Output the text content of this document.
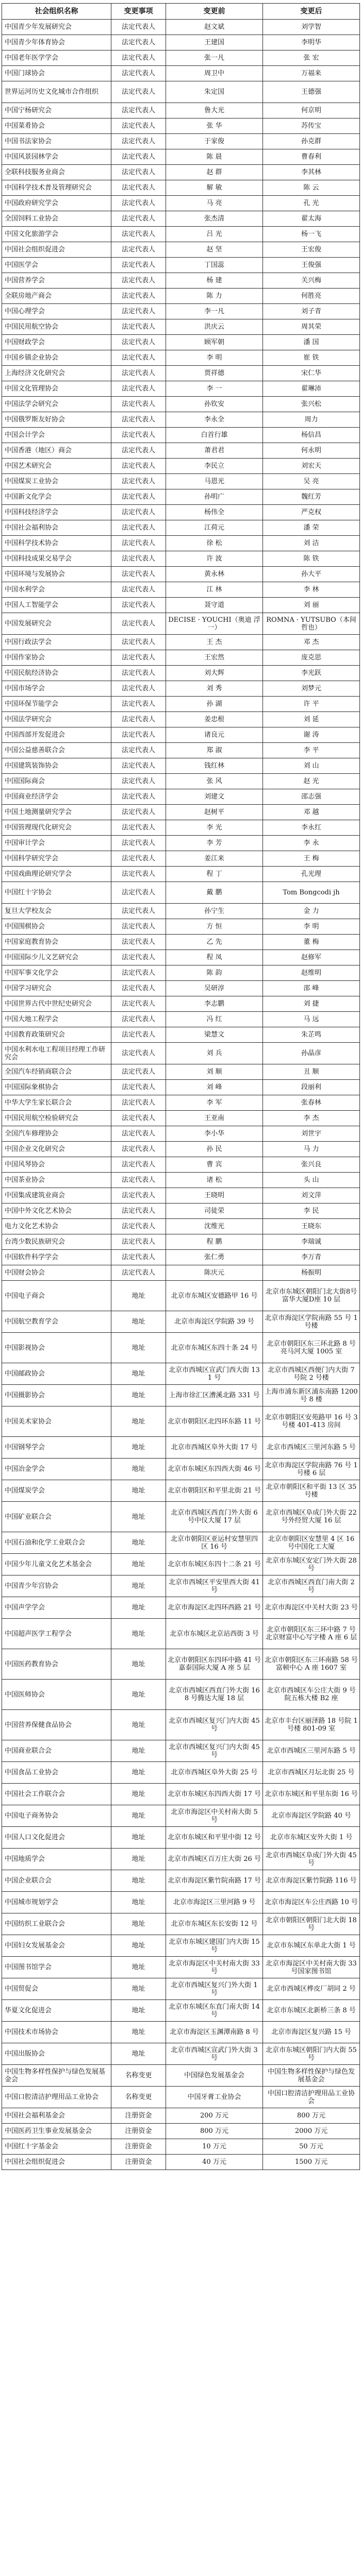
社会组织名称	变更事项	变更前	变更后
中国青少年发展研究会	法定代表人	赵文斌	刘学智
中国青少年体育协会	法定代表人	王建国	李明华
中国老年医学学会	法定代表人	张一凡	张 宏
中国门球协会	法定代表人	周卫中	万福来
世界运河历史文化城市合作组织	法定代表人	朱定国	王德强
中国宁杨研究会	法定代表人	鲁大光	何京明
中国菜肴协会	法定代表人	张 华	苏传宝
中国书法家协会	法定代表人	于家俊	孙克群
中国风景园林学会	法定代表人	陈 晨	曹春利
全联科技服务业商会	法定代表人	赵 群	李其林
中国科学技术普及管理研究会	法定代表人	解 敏	陈 云
中国政府研究学会	法定代表人	马 亮	孔 光
全国饲料工业协会	法定代表人	张杰清	翟太海
中国文化旅游学会	法定代表人	吕 光	杨一飞
中国社会组织促进会	法定代表人	赵 坚	王宏俊
中国医学会	法定代表人	丁国蕊	王俊强
中国营养学会	法定代表人	杨 建	关兴梅
全联房地产商会	法定代表人	陈 力	何胜亮
中国心理学会	法定代表人	李一凡	刘子青
中国民用航空协会	法定代表人	洪庆云	周其荣
中国财政学会	法定代表人	顾军朝	潘 国
中国乡镇企业协会	法定代表人	李 明	崔 铁
上海经济文化研究会	法定代表人	贾祥德	宋仁华
中国文化管理协会	法定代表人	李 一	翟琳沛
中国法学会研究会	法定代表人	孙钦安	张兴松
中国俄罗斯友好协会	法定代表人	李永全	周力
中国会计学会	法定代表人	白首行雄	杨信昌
中国香港（地区）商会	法定代表人	萧君君	何永明
中国艺术研究会	法定代表人	李民立	刘宏天
中国煤炭工业协会	法定代表人	马恩光	吴 亮
中国新文化学会	法定代表人	孙明广	魏红芳
中国科技经济学会	法定代表人	杨伟全	严克权
中国社会福利协会	法定代表人	江荷元	潘 荣
中国科学技术协会	法定代表人	徐 松	刘 洁
中国科技成果交易学会	法定代表人	许 波	陈 铁
中国环境与发展协会	法定代表人	黄永林	孙大平
中国水利学会	法定代表人	江 林	李 林
中国人工智能学会	法定代表人	聂守道	刘 丽
中国发展研究会	法定代表人	DECISE · YOUCHI（奥迪 浮一）	ROMNA · YUTSUBO（本间哲也）
中国行政法学会	法定代表人	王 杰	邓 杰
中国作家协会	法定代表人	王宏然	庞克思
中国民航经济协会	法定代表人	刘大辉	李光跃
中国市场学会	法定代表人	刘 秀	刘梦元
中国环保节能学会	法定代表人	孙 湖	许 平
中国法学研究会	法定代表人	姜忠根	刘 延
中国西部开发促进会	法定代表人	诸良元	谢 涛
中国公益慈善联合会	法定代表人	郑 淑	李 平
中国建筑装饰协会	法定代表人	钱红林	刘 山
中国国际商会	法定代表人	张 风	赵 光
中国商业经济学会	法定代表人	刘建文	邵志强
中国土地测量研究学会	法定代表人	赵树平	邓 越
中国管理现代化研究会	法定代表人	李 光	李永红
中国审计学会	法定代表人	李 芳	李 永
中国科学研究学会	法定代表人	姜江来	王 梅
中国戏曲理论研究学会	法定代表人	程 丁	孔光理
中国红十字协会	法定代表人	戴 鹏	Tom Bongcodi jh
复旦大学校友会	法定代表人	孙宁生	金 力
中国围棋协会	法定代表人	方 恒	李 明
中国家庭教育协会	法定代表人	乙 先	董 梅
中国国际少儿文艺研究会	法定代表人	程 凤	赵修军
中国军事文化学会	法定代表人	陈 韵	赵维明
中国学习研究会	法定代表人	吴研淳	邵 峰
中国世界古代中世纪史研究会	法定代表人	李志鹏	刘 捷
中国大地工程学会	法定代表人	冯 红	马 远
中国教育政策研究会	法定代表人	梁慧文	朱芷鸣
中国水利水电工程项目经理工作研究会	法定代表人	刘 兵	孙晶彦
全国汽车经销商联合会	法定代表人	刘 顺	丑 顺
中国国际象棋协会	法定代表人	刘 峰	段丽利
中华大学生家长联合会	法定代表人	李 军	张春林
中国民用航空检验研究会	法定代表人	王亚南	李 杰
全国汽车修理协会	法定代表人	李小华	刘世宇
中国企业文化研究会	法定代表人	孙 民	马 力
中国风琴协会	法定代表人	曹 宾	张兴良
中国茶业协会	法定代表人	诸 松	头 山
中国集成建筑业商会	法定代表人	王晓明	刘文萍
中国中外文化艺术协会	法定代表人	司徒荣	李 民
电力文化艺术协会	法定代表人	沈维光	王晓东
台湾少数民族研究会	法定代表人	程 鹏	李瑞诚
中国软件科学学会	法定代表人	张仁勇	李万青
中国财会协会	法定代表人	陈庆元	杨振明
中国电子商会	地址	北京市东城区安德路甲 16 号	北京市东城区朝阳门北大街8号富华大厦D座 10 层
中国航空教育学会	地址	北京市海淀区学院路 39 号	北京市海淀区学院南路 55 号 1 号楼
中国影视协会	地址	北京市东城区东四十条 24 号	北京市朝阳区东三环北路 8 号亮马河大厦 1005 室
中国邮政协会	地址	北京市西城区宣武门西大街 131 号	北京市西城区西便门内大街 7 号院 2 号楼
中国摄影协会	地址	上海市徐汇区漕溪北路 331 号	上海市浦东新区浦东南路 1200 号 8 楼
中国美术家协会	地址	北京市朝阳区北四环东路 11 号	北京市朝阳区安苑路甲 16 号 3 号楼 401-413 房间
中国钢琴学会	地址	北京市西城区阜外大街 17 号	北京市西城区三里河东路 5 号
中国冶金学会	地址	北京市东城区东四西大街 46 号	北京市海淀区学院南路 76 号 1 号楼 6 层
中国煤炭学会	地址	北京市朝阳区和平里北街 21 号	北京市朝阳区和平街 13 区 35 号楼
中国矿业联合会	地址	北京市西城区西直门外大街 6 号中仪大厦 17 层	北京市西城区阜成门外大街 22 号外经贸大厦 16 层
中国石油和化学工业联合会	地址	北京市朝阳区亚运村安慧里四区 16 号	北京市朝阳区安慧里 4 区 16 号中国化工大厦
中国少年儿童文化艺术基金会	地址	北京市东城区东四十二条 21 号	北京市东城区安定门外大街 28 号
中国青少年宫协会	地址	北京市西城区平安里西大街 41 号	北京市西城区西直门南大街 2 号
中国声学学会	地址	北京市海淀区北四环西路 21 号	北京市海淀区中关村大街 23 号
中国超声医学工程学会	地址	北京市东城区北京站西街 3 号	北京市朝阳区东三环中路 7 号北京财富中心写字楼 A 座 6 层
中国医药教育协会	地址	北京市朝阳区东四环中路 41 号嘉泰国际大厦 A 座 5 层	北京市朝阳区东三环南路 58 号富顿中心 A 座 1607 室
中国医师协会	地址	北京市西城区西直门外大街 168 号腾达大厦 18 层	北京市西城区车公庄大街 9 号院五栋大楼 B2 座
中国营养保健食品协会	地址	北京市西城区复兴门内大街 45 号	北京市丰台区丽泽路 18 号院 1 号楼 801-09 室
中国商业联合会	地址	北京市西城区复兴门内大街 45 号	北京市西城区三里河东路 5 号
中国食品工业协会	地址	北京市西城区阜外大街 25 号	北京市西城区月坛北街 25 号
中国社会工作联合会	地址	北京市东城区东四西大街 17 号	北京市东城区和平里东街 16 号
中国电子商务协会	地址	北京市海淀区中关村南大街 5 号	北京市海淀区学院路 40 号
中国人口文化促进会	地址	北京市东城区和平里中街 12 号	北京市东城区安外大街 1 号
中国地质学会	地址	北京市西城区百万庄大街 26 号	北京市西城区阜成门外大街 45 号
中国企业联合会	地址	北京市海淀区紫竹院南路 17 号	北京市海淀区紫竹院路 116 号
中国城市规划学会	地址	北京市海淀区三里河路 9 号	北京市海淀区车公庄西路 10 号
中国纺织工业联合会	地址	北京市东城区东长安街 12 号	北京市朝阳区朝阳门北大街 18 号
中国妇女发展基金会	地址	北京市东城区建国门内大街 15 号	北京市东城区东单北大街 1 号
中国图书馆学会	地址	北京市海淀区中关村南大街 33 号	北京市海淀区中关村南大街 33 号国家图书馆
中国贸促会	地址	北京市西城区复兴门外大街 1 号	北京市西城区桦皮厂胡同 2 号
华夏文化促进会	地址	北京市东城区东直门南大街 14 号	北京市东城区北新桥三条 8 号
中国技术市场协会	地址	北京市海淀区玉渊潭南路 8 号	北京市海淀区复兴路 15 号
中国出版协会	地址	北京市西城区宣武门外大街 3 号	北京市东城区朝阳门内大街 55 号
中国生物多样性保护与绿色发展基金会	名称变更	中国绿色发展基金会	中国生物多样性保护与绿色发展基金会
中国口腔清洁护理用品工业协会	名称变更	中国牙膏工业协会	中国口腔清洁护理用品工业协会
中国社会福利基金会	注册资金	200 万元	800 万元
中国医药卫生事业发展基金会	注册资金	800 万元	2000 万元
中国红十字基金会	注册资金	10 万元	50 万元
中国社会组织促进会	注册资金	40 万元	1500 万元
